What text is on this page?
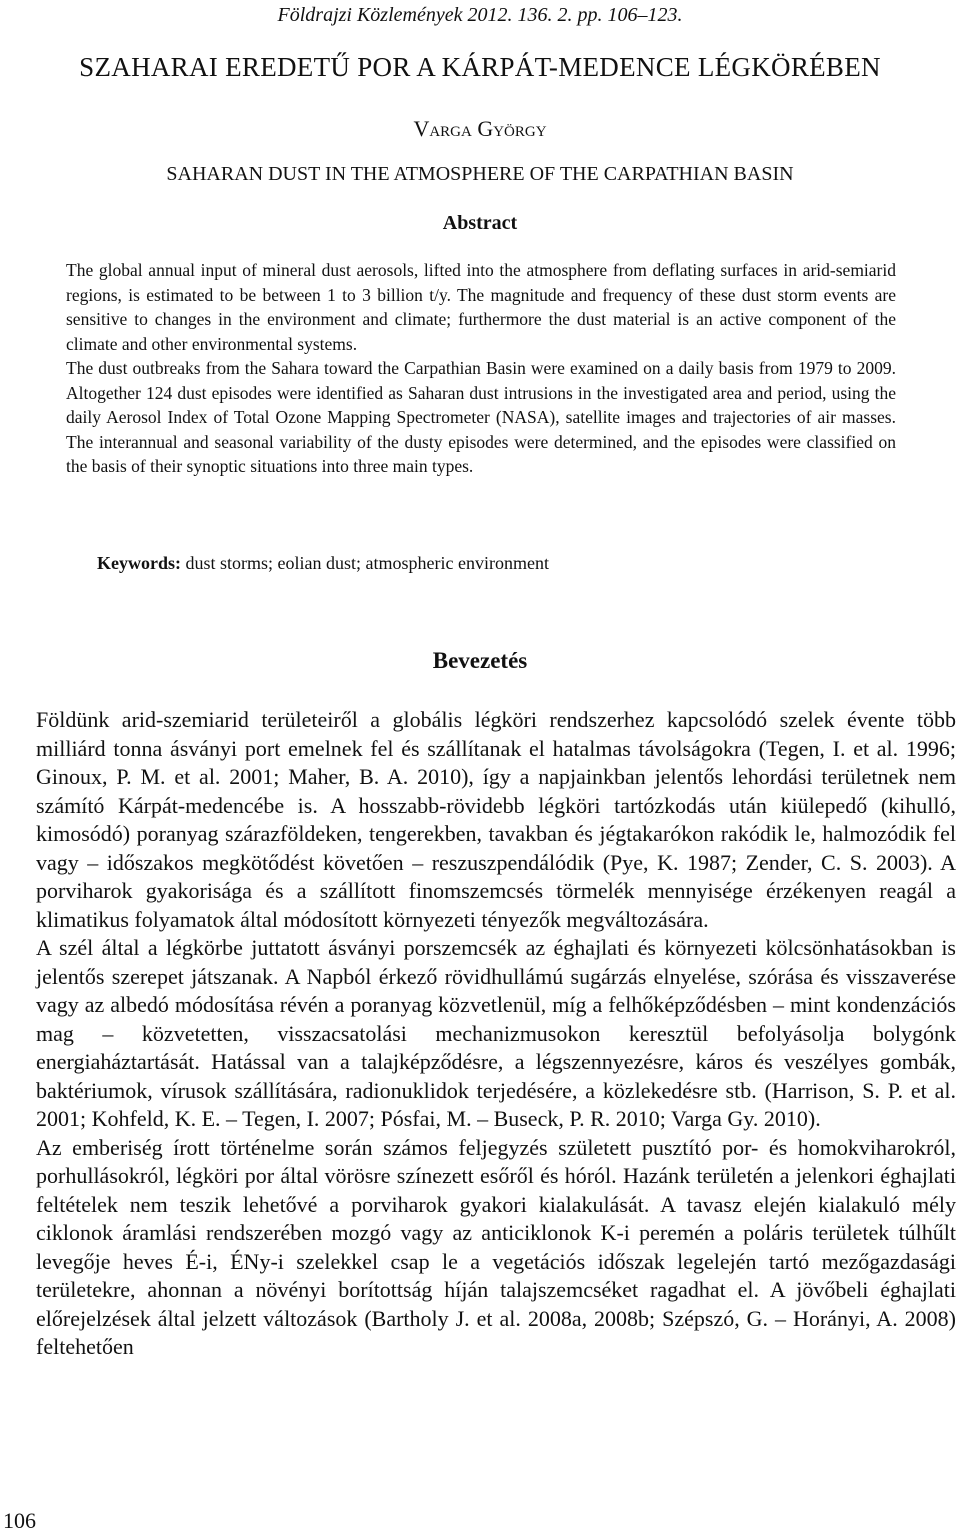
Földrajzi Közlemények 2012. 136. 2. pp. 106–123.
SZAHARAI EREDETŰ POR A KÁRPÁT-MEDENCE LÉGKÖRÉBEN
Varga György
SAHARAN DUST IN THE ATMOSPHERE OF THE CARPATHIAN BASIN
Abstract

The global annual input of mineral dust aerosols, lifted into the atmosphere from deflating surfaces in arid-semiarid regions, is estimated to be between 1 to 3 billion t/y. The magnitude and frequency of these dust storm events are sensitive to changes in the environment and climate; furthermore the dust material is an active component of the climate and other environmental systems.

The dust outbreaks from the Sahara toward the Carpathian Basin were examined on a daily basis from 1979 to 2009. Altogether 124 dust episodes were identified as Saharan dust intrusions in the investigated area and period, using the daily Aerosol Index of Total Ozone Mapping Spectrometer (NASA), satellite images and trajectories of air masses. The interannual and seasonal variability of the dusty episodes were determined, and the episodes were classified on the basis of their synoptic situations into three main types.

Keywords: dust storms; eolian dust; atmospheric environment
Bevezetés

Földünk arid-szemiarid területeiről a globális légköri rendszerhez kapcsolódó szelek évente több milliárd tonna ásványi port emelnek fel és szállítanak el hatalmas távolságokra (Tegen, I. et al. 1996; Ginoux, P. M. et al. 2001; Maher, B. A. 2010), így a napjainkban jelentős lehordási területnek nem számító Kárpát-medencébe is. A hosszabb-rövidebb légköri tartózkodás után kiülepedő (kihulló, kimosódó) poranyag szárazföldeken, tengerekben, tavakban és jégtakarókon rakódik le, halmozódik fel vagy – időszakos megkötődést követően – reszuszpendálódik (Pye, K. 1987; Zender, C. S. 2003). A porviharok gyakorisága és a szállított finomszemcsés törmelék mennyisége érzékenyen reagál a klimatikus folyamatok által módosított környezeti tényezők megváltozására.

A szél által a légkörbe juttatott ásványi porszemcsék az éghajlati és környezeti kölcsönhatásokban is jelentős szerepet játszanak. A Napból érkező rövidhullámú sugárzás elnyelése, szórása és visszaverése vagy az albedó módosítása révén a poranyag közvetlenül, míg a felhőképződésben – mint kondenzációs mag – közvetetten, visszacsatolási mechanizmusokon keresztül befolyásolja bolygónk energiaháztartását. Hatással van a talajképződésre, a légszennyezésre, káros és veszélyes gombák, baktériumok, vírusok szállítására, radionuklidok terjedésére, a közlekedésre stb. (Harrison, S. P. et al. 2001; Kohfeld, K. E. – Tegen, I. 2007; Pósfai, M. – Buseck, P. R. 2010; Varga Gy. 2010).

Az emberiség írott történelme során számos feljegyzés született pusztító por- és homokviharokról, porhullásokról, légköri por által vörösre színezett esőről és hóról. Hazánk területén a jelenkori éghajlati feltételek nem teszik lehetővé a porviharok gyakori kialakulását. A tavasz elején kialakuló mély ciklonok áramlási rendszerében mozgó vagy az anticiklonok K-i peremén a poláris területek túlhűlt levegője heves É-i, ÉNy-i szelekkel csap le a vegetációs időszak legelején tartó mezőgazdasági területekre, ahonnan a növényi borítottság híján talajszemcséket ragadhat el. A jövőbeli éghajlati előrejelzések által jelzett változások (Bartholy J. et al. 2008a, 2008b; Szépszó, G. – Horányi, A. 2008) feltehetően

106
